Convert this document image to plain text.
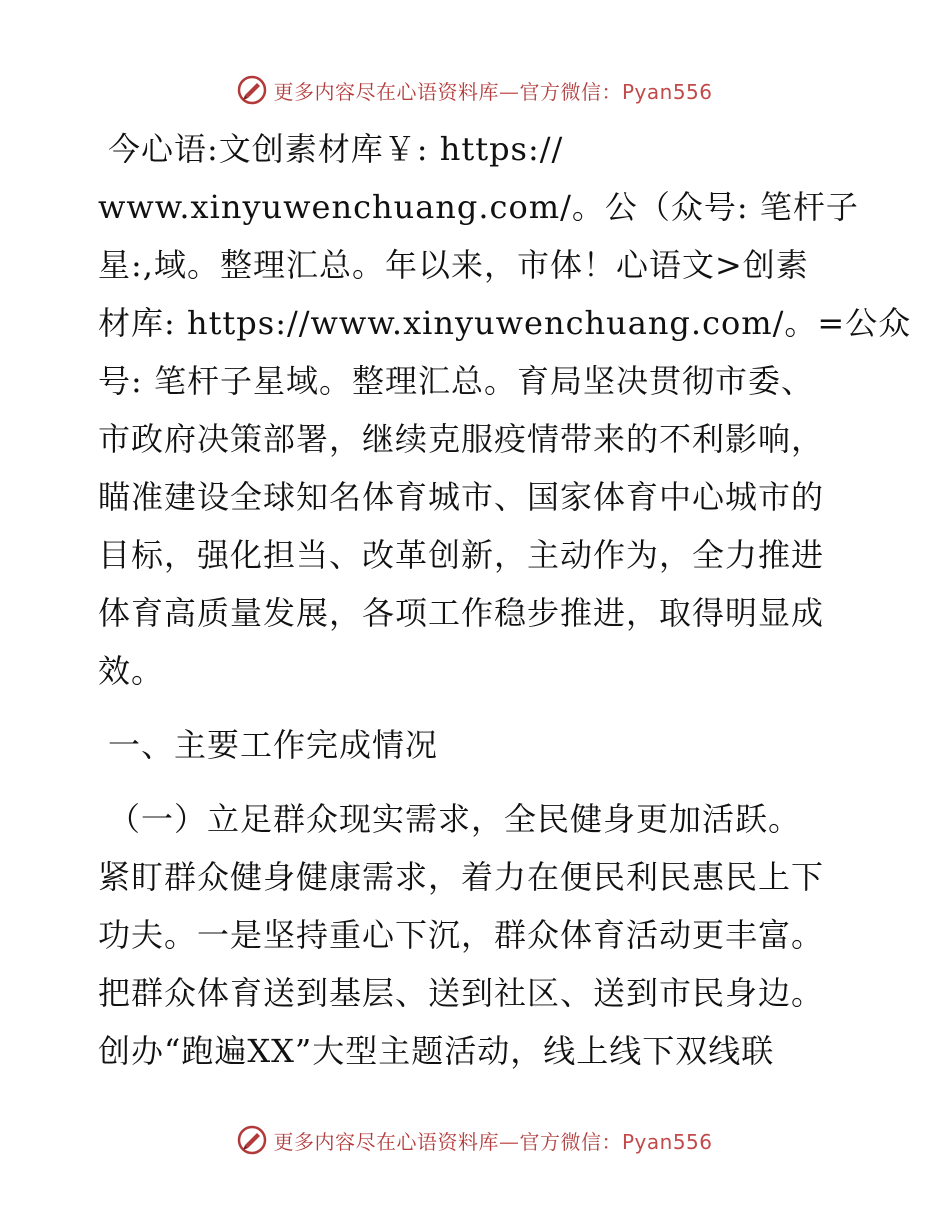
更多内容尽在心语资料库—官方微信：Pyan556
今心语:文创素材库￥: https://
www.xinyuwenchuang.com/。公（众号: 笔杆子
星:,域。整理汇总。年以来，市体！心语文>创素
材库: https://www.xinyuwenchuang.com/。=公众
号: 笔杆子星域。整理汇总。育局坚决贯彻市委、
市政府决策部署，继续克服疫情带来的不利影响，
瞄准建设全球知名体育城市、国家体育中心城市的
目标，强化担当、改革创新，主动作为，全力推进
体育高质量发展，各项工作稳步推进，取得明显成
效。
一、主要工作完成情况
（一）立足群众现实需求，全民健身更加活跃。
紧盯群众健身健康需求，着力在便民利民惠民上下
功夫。一是坚持重心下沉，群众体育活动更丰富。
把群众体育送到基层、送到社区、送到市民身边。
创办“跑遍XX”大型主题活动，线上线下双线联
更多内容尽在心语资料库—官方微信：Pyan556
